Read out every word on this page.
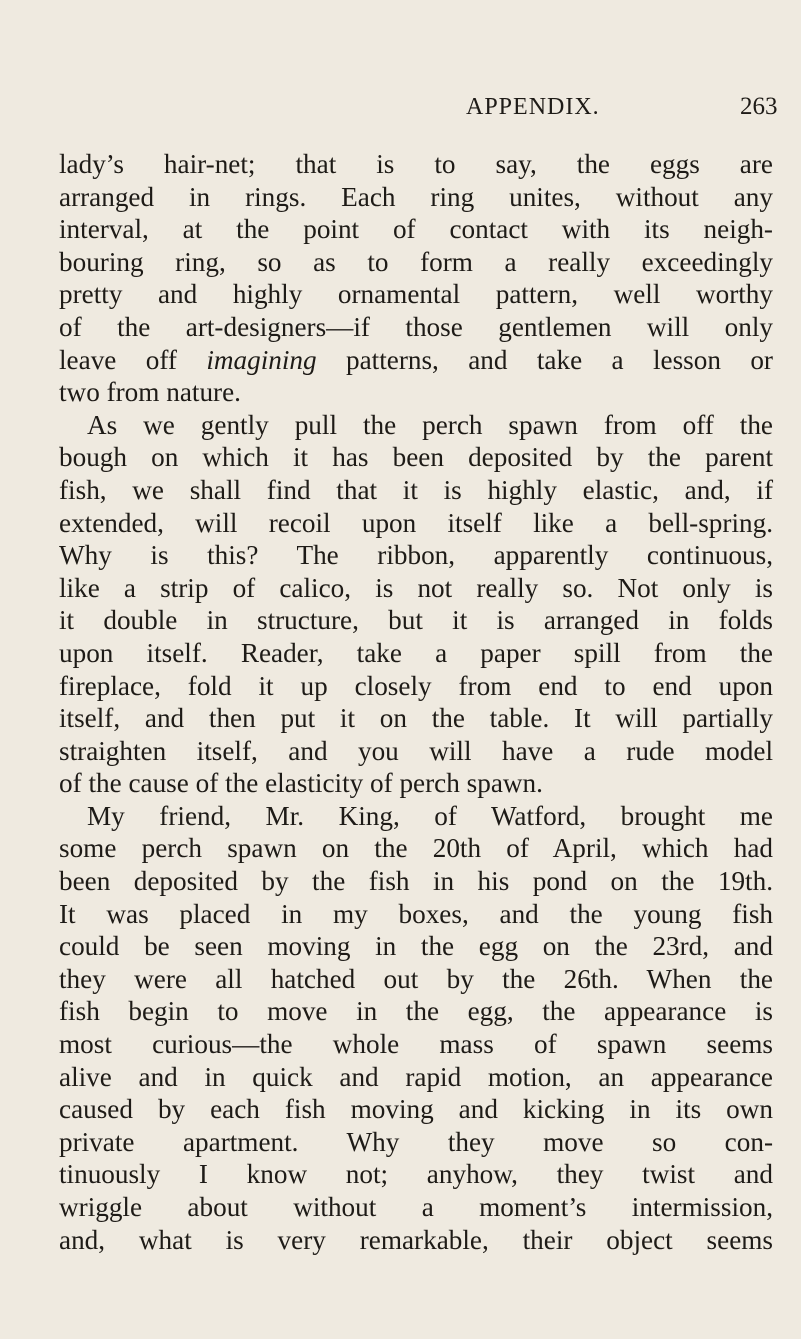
APPENDIX.	263
lady’s hair-net; that is to say, the eggs are
arranged in rings. Each ring unites, without any
interval, at the point of contact with its neigh-
bouring ring, so as to form a really exceedingly
pretty and highly ornamental pattern, well worthy
of the art-designers—if those gentlemen will only
leave off imagining patterns, and take a lesson or
two from nature.
As we gently pull the perch spawn from off the
bough on which it has been deposited by the parent
fish, we shall find that it is highly elastic, and, if
extended, will recoil upon itself like a bell-spring.
Why is this? The ribbon, apparently continuous,
like a strip of calico, is not really so. Not only is
it double in structure, but it is arranged in folds
upon itself. Reader, take a paper spill from the
fireplace, fold it up closely from end to end upon
itself, and then put it on the table. It will partially
straighten itself, and you will have a rude model
of the cause of the elasticity of perch spawn.
My friend, Mr. King, of Watford, brought me
some perch spawn on the 20th of April, which had
been deposited by the fish in his pond on the 19th.
It was placed in my boxes, and the young fish
could be seen moving in the egg on the 23rd, and
they were all hatched out by the 26th. When the
fish begin to move in the egg, the appearance is
most curious—the whole mass of spawn seems
alive and in quick and rapid motion, an appearance
caused by each fish moving and kicking in its own
private apartment. Why they move so con-
tinuously I know not; anyhow, they twist and
wriggle about without a moment’s intermission,
and, what is very remarkable, their object seems
